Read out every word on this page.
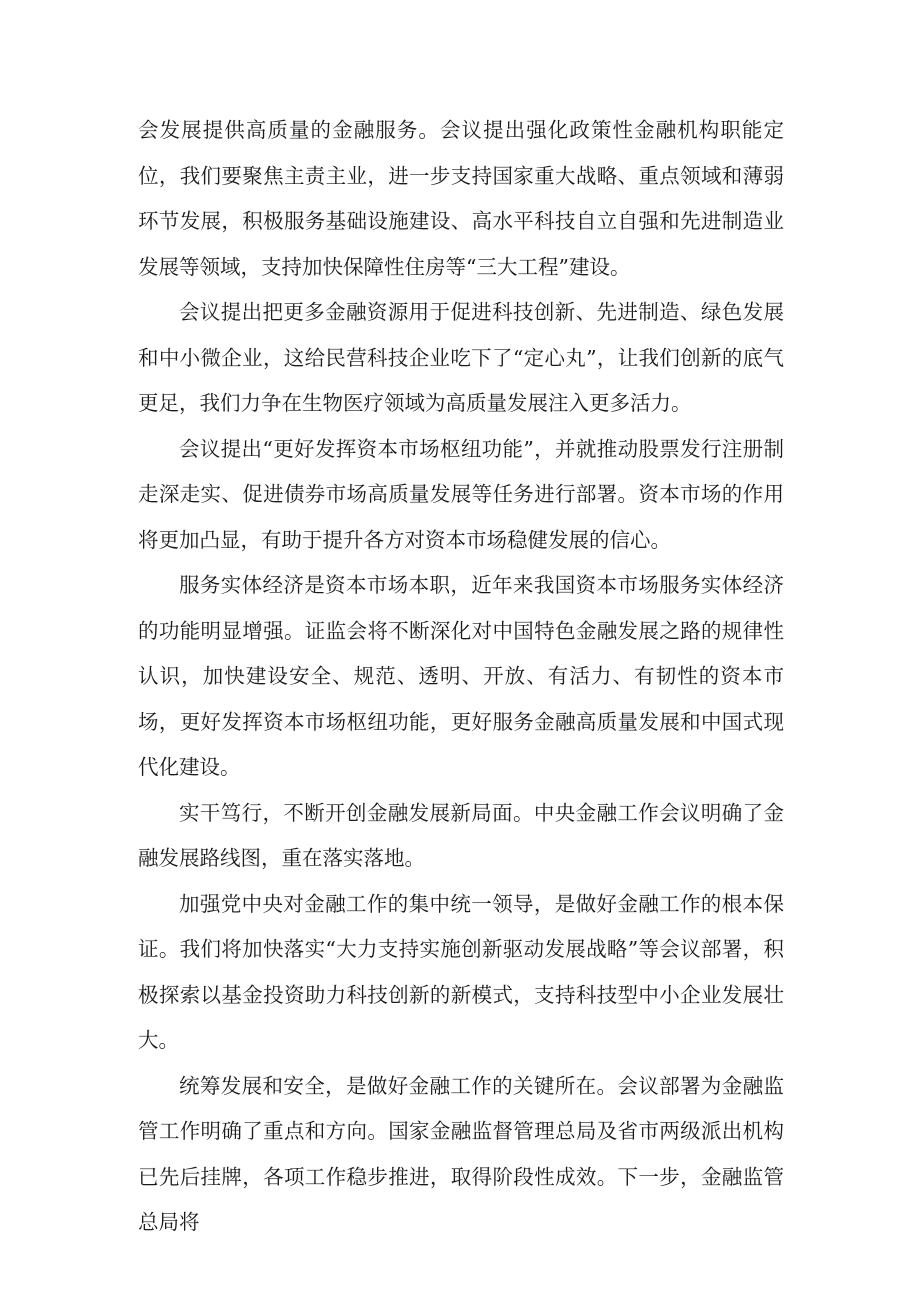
会发展提供高质量的金融服务。会议提出强化政策性金融机构职能定位，我们要聚焦主责主业，进一步支持国家重大战略、重点领域和薄弱环节发展，积极服务基础设施建设、高水平科技自立自强和先进制造业发展等领域，支持加快保障性住房等“三大工程”建设。

会议提出把更多金融资源用于促进科技创新、先进制造、绿色发展和中小微企业，这给民营科技企业吃下了“定心丸”，让我们创新的底气更足，我们力争在生物医疗领域为高质量发展注入更多活力。

会议提出“更好发挥资本市场枢纽功能”，并就推动股票发行注册制走深走实、促进债券市场高质量发展等任务进行部署。资本市场的作用将更加凸显，有助于提升各方对资本市场稳健发展的信心。

服务实体经济是资本市场本职，近年来我国资本市场服务实体经济的功能明显增强。证监会将不断深化对中国特色金融发展之路的规律性认识，加快建设安全、规范、透明、开放、有活力、有韧性的资本市场，更好发挥资本市场枢纽功能，更好服务金融高质量发展和中国式现代化建设。

实干笃行，不断开创金融发展新局面。中央金融工作会议明确了金融发展路线图，重在落实落地。

加强党中央对金融工作的集中统一领导，是做好金融工作的根本保证。我们将加快落实“大力支持实施创新驱动发展战略”等会议部署，积极探索以基金投资助力科技创新的新模式，支持科技型中小企业发展壮大。

统筹发展和安全，是做好金融工作的关键所在。会议部署为金融监管工作明确了重点和方向。国家金融监督管理总局及省市两级派出机构已先后挂牌，各项工作稳步推进，取得阶段性成效。下一步，金融监管总局将
